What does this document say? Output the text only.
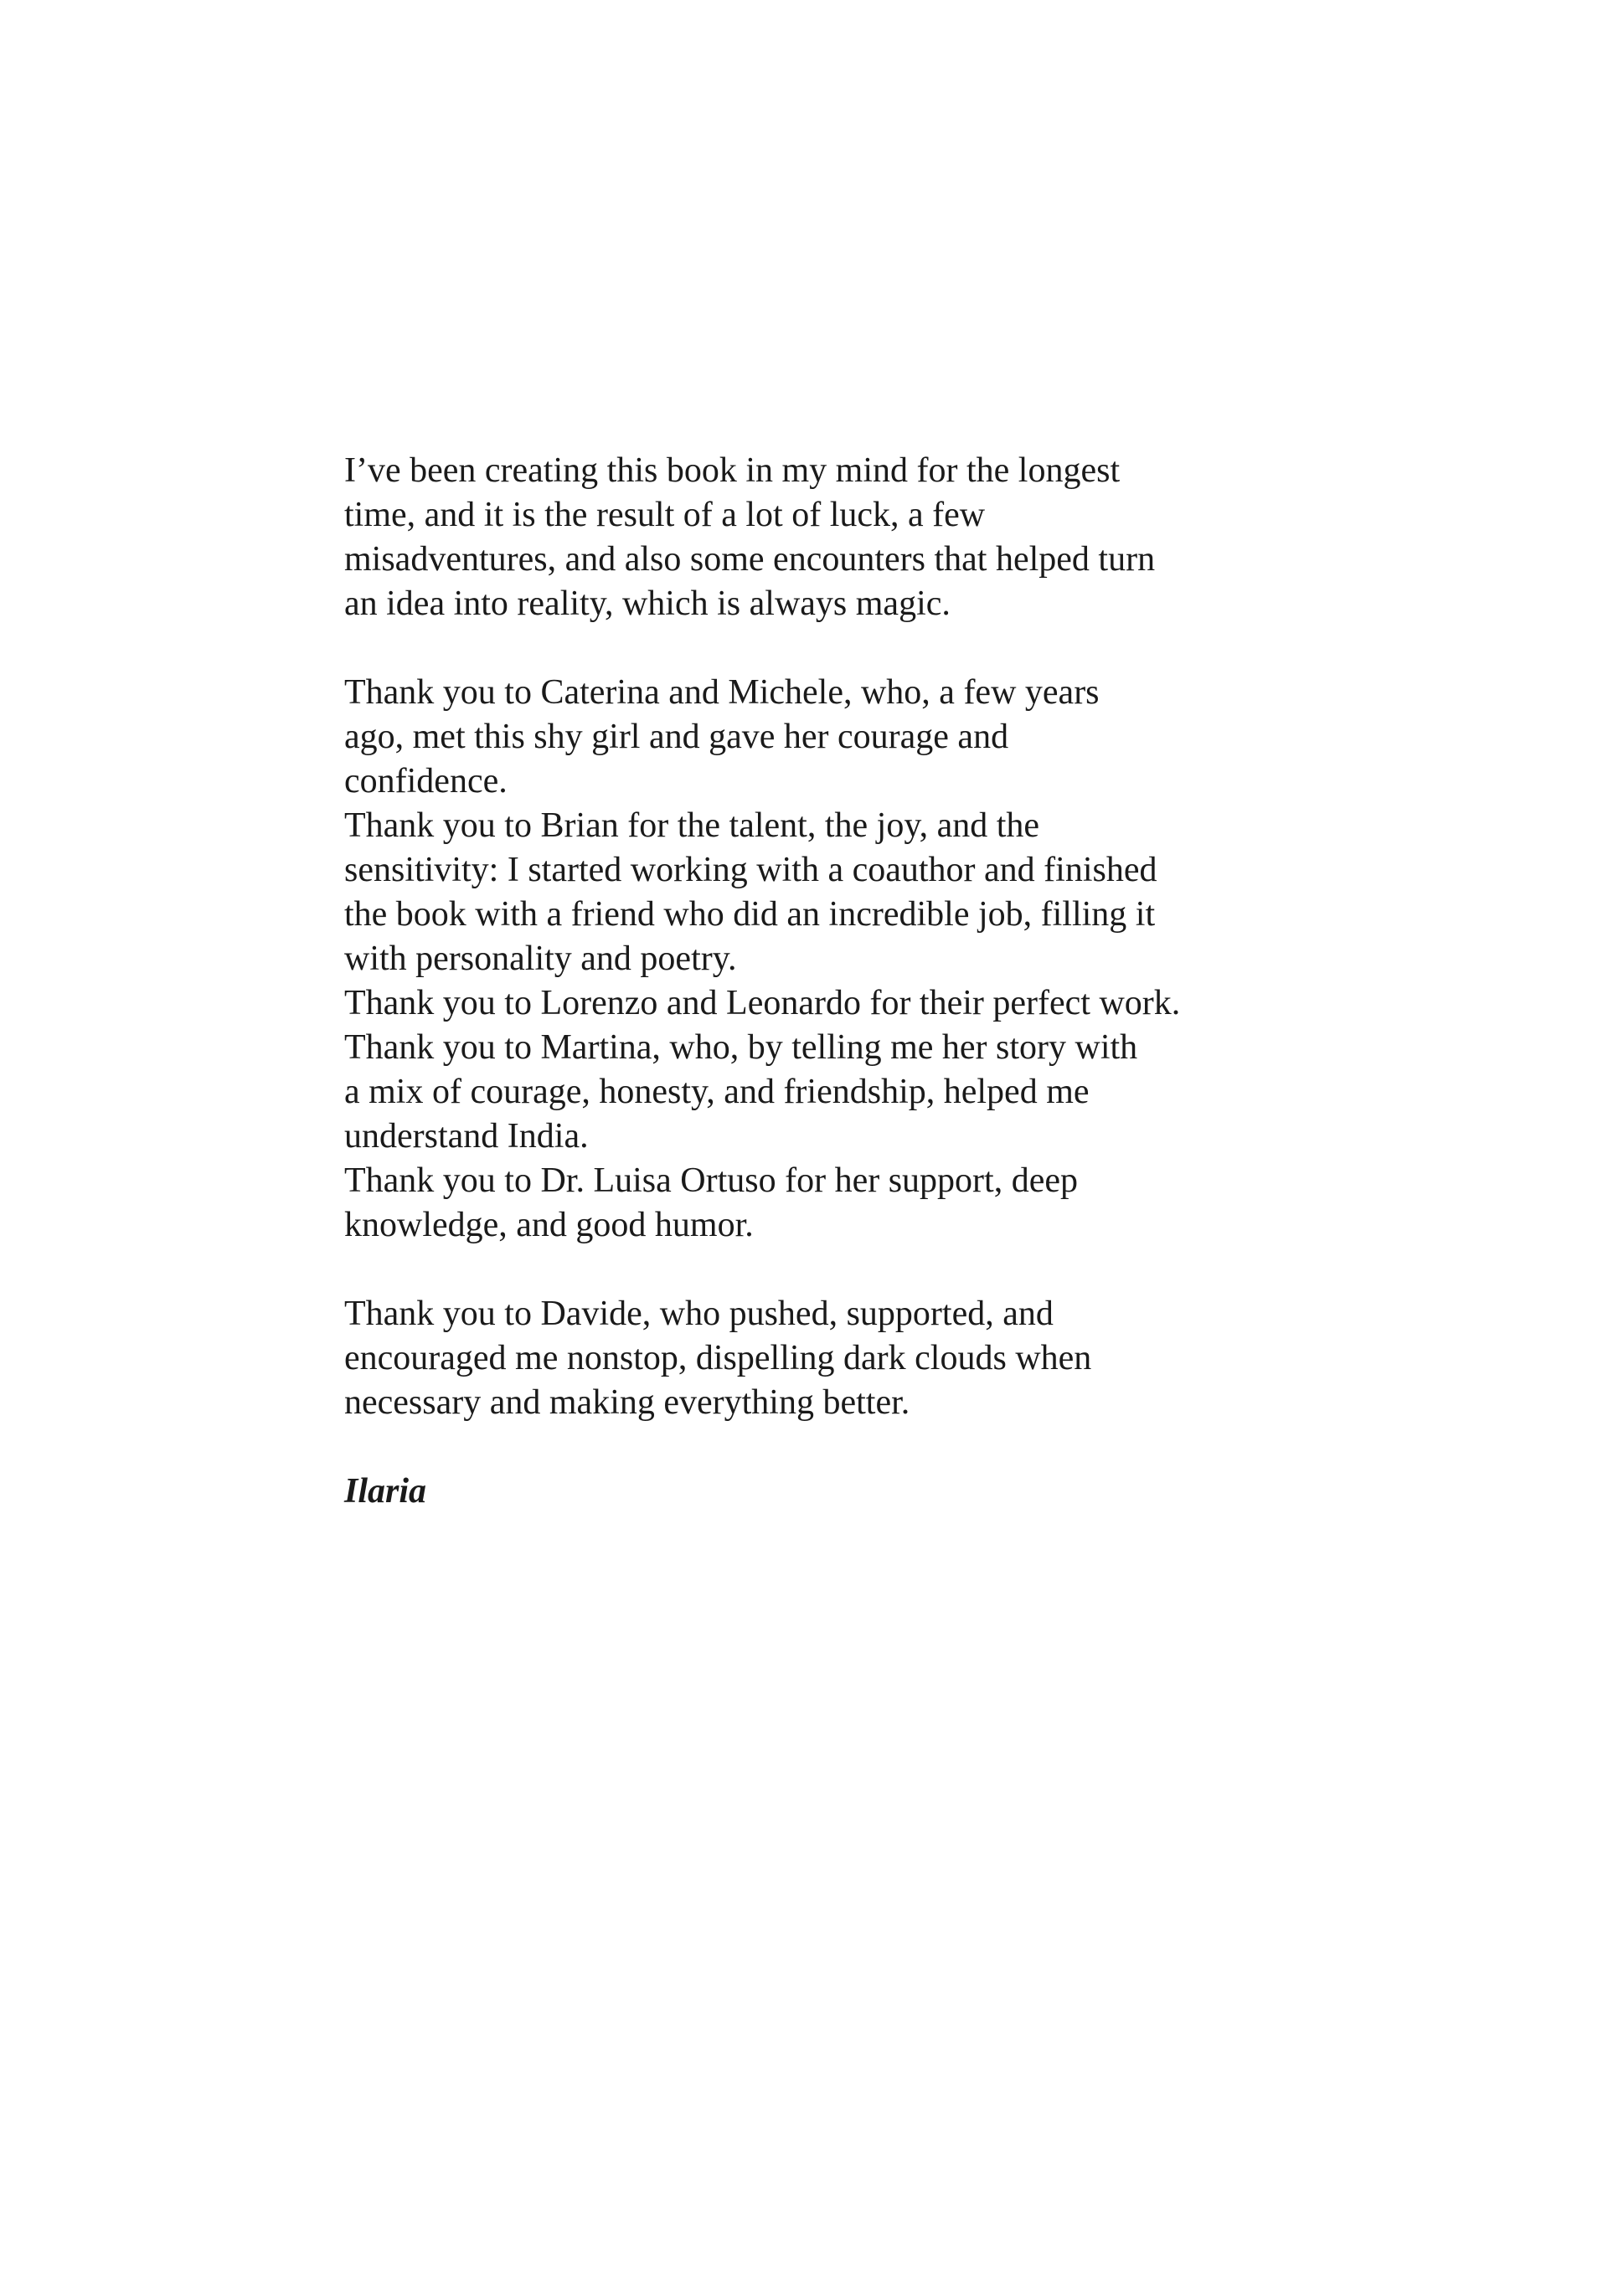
I’ve been creating this book in my mind for the longest
time, and it is the result of a lot of luck, a few
misadventures, and also some encounters that helped turn
an idea into reality, which is always magic.
Thank you to Caterina and Michele, who, a few years
ago, met this shy girl and gave her courage and
confidence.
Thank you to Brian for the talent, the joy, and the
sensitivity: I started working with a coauthor and finished
the book with a friend who did an incredible job, filling it
with personality and poetry.
Thank you to Lorenzo and Leonardo for their perfect work.
Thank you to Martina, who, by telling me her story with
a mix of courage, honesty, and friendship, helped me
understand India.
Thank you to Dr. Luisa Ortuso for her support, deep
knowledge, and good humor.
Thank you to Davide, who pushed, supported, and
encouraged me nonstop, dispelling dark clouds when
necessary and making everything better.
Ilaria
